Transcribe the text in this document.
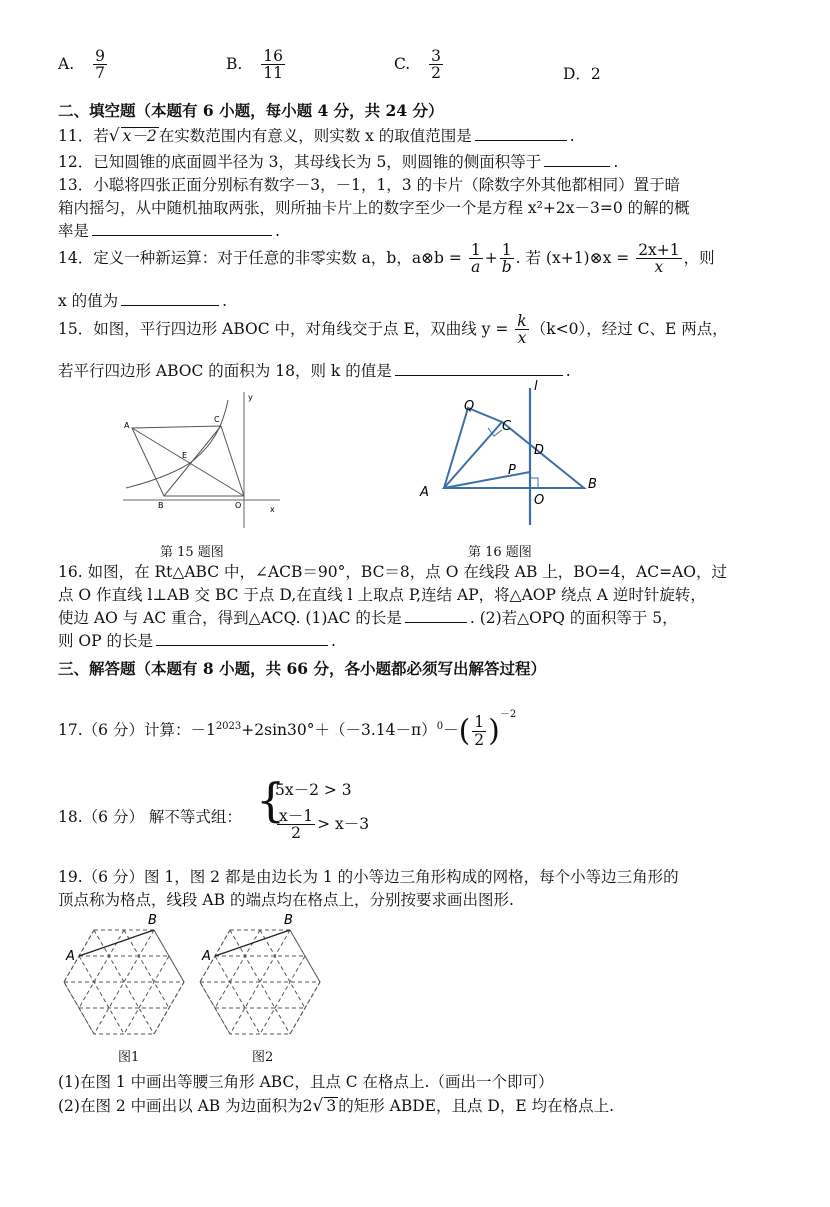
A. $\frac{9}{7}$	B. $\frac{16}{11}$	C. $\frac{3}{2}$	D．2
二、填空题（本题有 6 小题，每小题 4 分，共 24 分）
11．若√ x－2 在实数范围内有意义，则实数 x 的取值范围是	.
12．已知圆锥的底面圆半径为 3，其母线长为 5，则圆锥的侧面积等于	.
13．小聪将四张正面分别标有数字－3，－1，1，3 的卡片（除数字外其他都相同）置于暗
箱内摇匀，从中随机抽取两张，则所抽卡片上的数字至少一个是方程 x²+2x－3=0 的解的概
率是	.
14．定义一种新运算：对于任意的非零实数 a，b，a⊗b = $\frac{1}{a} + \frac{1}{b}$ . 若 (x+1)⊗x = $\frac{2x+1}{x}$ ，则
x 的值为	.
15．如图，平行四边形 ABOC 中，对角线交于点 E，双曲线 $y = \frac{k}{x} (k<0)$，经过 C、E 两点，
若平行四边形 ABOC 的面积为 18，则 k 的值是	.
A
B
C
E
O	x
y
第 15 题图
l
Q
C
D
P
A
O
B
第 16 题图
16. 如图，在 Rt△ABC 中，∠ACB＝90°，BC＝8，点 O 在线段 AB 上，BO=4，AC=AO，过
点 O 作直线 l⊥AB 交 BC 于点 D,在直线 l 上取点 P,连结 AP，将△AOP 绕点 A 逆时针旋转，
使边 AO 与 AC 重合，得到△ACQ. (1)AC 的长是	. (2)若△OPQ 的面积等于 5，
则 OP 的长是	.
三、解答题（本题有 8 小题，共 66 分，各小题都必须写出解答过程）
17.（6 分）计算：$-1^{2023}+2\sin 30^\circ+(-3.14-\pi)^0-( \frac{1}{2} )^{-2}$
18.（6 分） 解不等式组： {
5x－2 > 3
$\frac{x-1}{2} > x-3$
19.（6 分）图 1，图 2 都是由边长为 1 的小等边三角形构成的网格，每个小等边三角形的
顶点称为格点，线段 AB 的端点均在格点上，分别按要求画出图形.
A
B
图1
A
B
图2
(1)在图 1 中画出等腰三角形 ABC，且点 C 在格点上.（画出一个即可）
(2)在图 2 中画出以 AB 为边面积为2√ 3 的矩形 ABDE，且点 D，E 均在格点上.
